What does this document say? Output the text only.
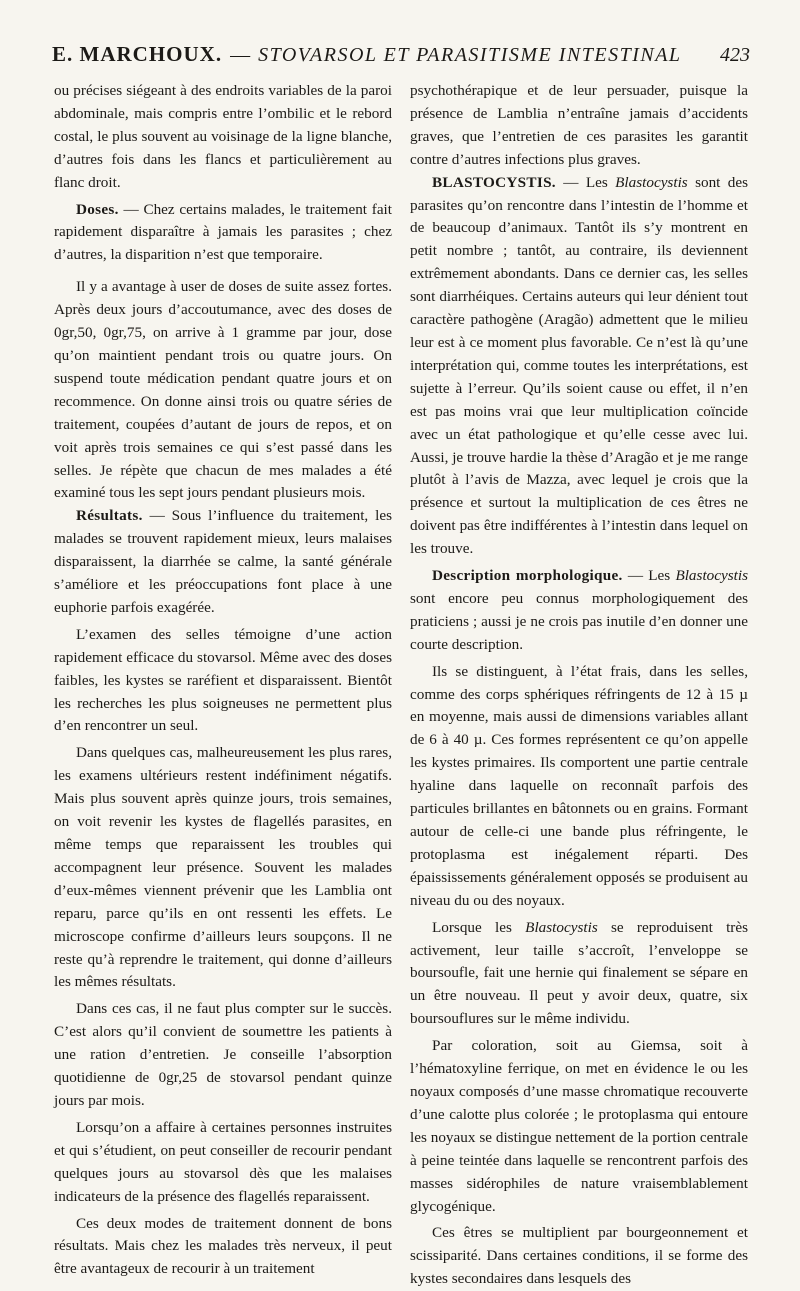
E. MARCHOUX. — STOVARSOL ET PARASITISME INTESTINAL	423

ou précises siégeant à des endroits variables de la paroi abdominale, mais compris entre l’ombilic et le rebord costal, le plus souvent au voisinage de la ligne blanche, d’autres fois dans les flancs et particulièrement au flanc droit.

Doses. — Chez certains malades, le traitement fait rapidement disparaître à jamais les parasites ; chez d’autres, la disparition n’est que temporaire.

Il y a avantage à user de doses de suite assez fortes. Après deux jours d’accoutumance, avec des doses de 0gr,50, 0gr,75, on arrive à 1 gramme par jour, dose qu’on maintient pendant trois ou quatre jours. On suspend toute médication pendant quatre jours et on recommence. On donne ainsi trois ou quatre séries de traitement, coupées d’autant de jours de repos, et on voit après trois semaines ce qui s’est passé dans les selles. Je répète que chacun de mes malades a été examiné tous les sept jours pendant plusieurs mois.

Résultats. — Sous l’influence du traitement, les malades se trouvent rapidement mieux, leurs malaises disparaissent, la diarrhée se calme, la santé générale s’améliore et les préoccupations font place à une euphorie parfois exagérée.

L’examen des selles témoigne d’une action rapidement efficace du stovarsol. Même avec des doses faibles, les kystes se raréfient et disparaissent. Bientôt les recherches les plus soigneuses ne permettent plus d’en rencontrer un seul.

Dans quelques cas, malheureusement les plus rares, les examens ultérieurs restent indéfiniment négatifs. Mais plus souvent après quinze jours, trois semaines, on voit revenir les kystes de flagellés parasites, en même temps que reparaissent les troubles qui accompagnent leur présence. Souvent les malades d’eux-mêmes viennent prévenir que les Lamblia ont reparu, parce qu’ils en ont ressenti les effets. Le microscope confirme d’ailleurs leurs soupçons. Il ne reste qu’à reprendre le traitement, qui donne d’ailleurs les mêmes résultats.

Dans ces cas, il ne faut plus compter sur le succès. C’est alors qu’il convient de soumettre les patients à une ration d’entretien. Je conseille l’absorption quotidienne de 0gr,25 de stovarsol pendant quinze jours par mois.

Lorsqu’on a affaire à certaines personnes instruites et qui s’étudient, on peut conseiller de recourir pendant quelques jours au stovarsol dès que les malaises indicateurs de la présence des flagellés reparaissent.

Ces deux modes de traitement donnent de bons résultats. Mais chez les malades très nerveux, il peut être avantageux de recourir à un traitement

psychothérapique et de leur persuader, puisque la présence de Lamblia n’entraîne jamais d’accidents graves, que l’entretien de ces parasites les garantit contre d’autres infections plus graves.

BLASTOCYSTIS. — Les Blastocystis sont des parasites qu’on rencontre dans l’intestin de l’homme et de beaucoup d’animaux. Tantôt ils s’y montrent en petit nombre ; tantôt, au contraire, ils deviennent extrêmement abondants. Dans ce dernier cas, les selles sont diarrhéiques. Certains auteurs qui leur dénient tout caractère pathogène (Aragão) admettent que le milieu leur est à ce moment plus favorable. Ce n’est là qu’une interprétation qui, comme toutes les interprétations, est sujette à l’erreur. Qu’ils soient cause ou effet, il n’en est pas moins vrai que leur multiplication coïncide avec un état pathologique et qu’elle cesse avec lui. Aussi, je trouve hardie la thèse d’Aragão et je me range plutôt à l’avis de Mazza, avec lequel je crois que la présence et surtout la multiplication de ces êtres ne doivent pas être indifférentes à l’intestin dans lequel on les trouve.

Description morphologique. — Les Blastocystis sont encore peu connus morphologiquement des praticiens ; aussi je ne crois pas inutile d’en donner une courte description.

Ils se distinguent, à l’état frais, dans les selles, comme des corps sphériques réfringents de 12 à 15 µ en moyenne, mais aussi de dimensions variables allant de 6 à 40 µ. Ces formes représentent ce qu’on appelle les kystes primaires. Ils comportent une partie centrale hyaline dans laquelle on reconnaît parfois des particules brillantes en bâtonnets ou en grains. Formant autour de celle-ci une bande plus réfringente, le protoplasma est inégalement réparti. Des épaississements généralement opposés se produisent au niveau du ou des noyaux.

Lorsque les Blastocystis se reproduisent très activement, leur taille s’accroît, l’enveloppe se boursoufle, fait une hernie qui finalement se sépare en un être nouveau. Il peut y avoir deux, quatre, six boursouflures sur le même individu.

Par coloration, soit au Giemsa, soit à l’hématoxyline ferrique, on met en évidence le ou les noyaux composés d’une masse chromatique recouverte d’une calotte plus colorée ; le protoplasma qui entoure les noyaux se distingue nettement de la portion centrale à peine teintée dans laquelle se rencontrent parfois des masses sidérophiles de nature vraisemblablement glycogénique.

Ces êtres se multiplient par bourgeonnement et scissiparité. Dans certaines conditions, il se forme des kystes secondaires dans lesquels des
